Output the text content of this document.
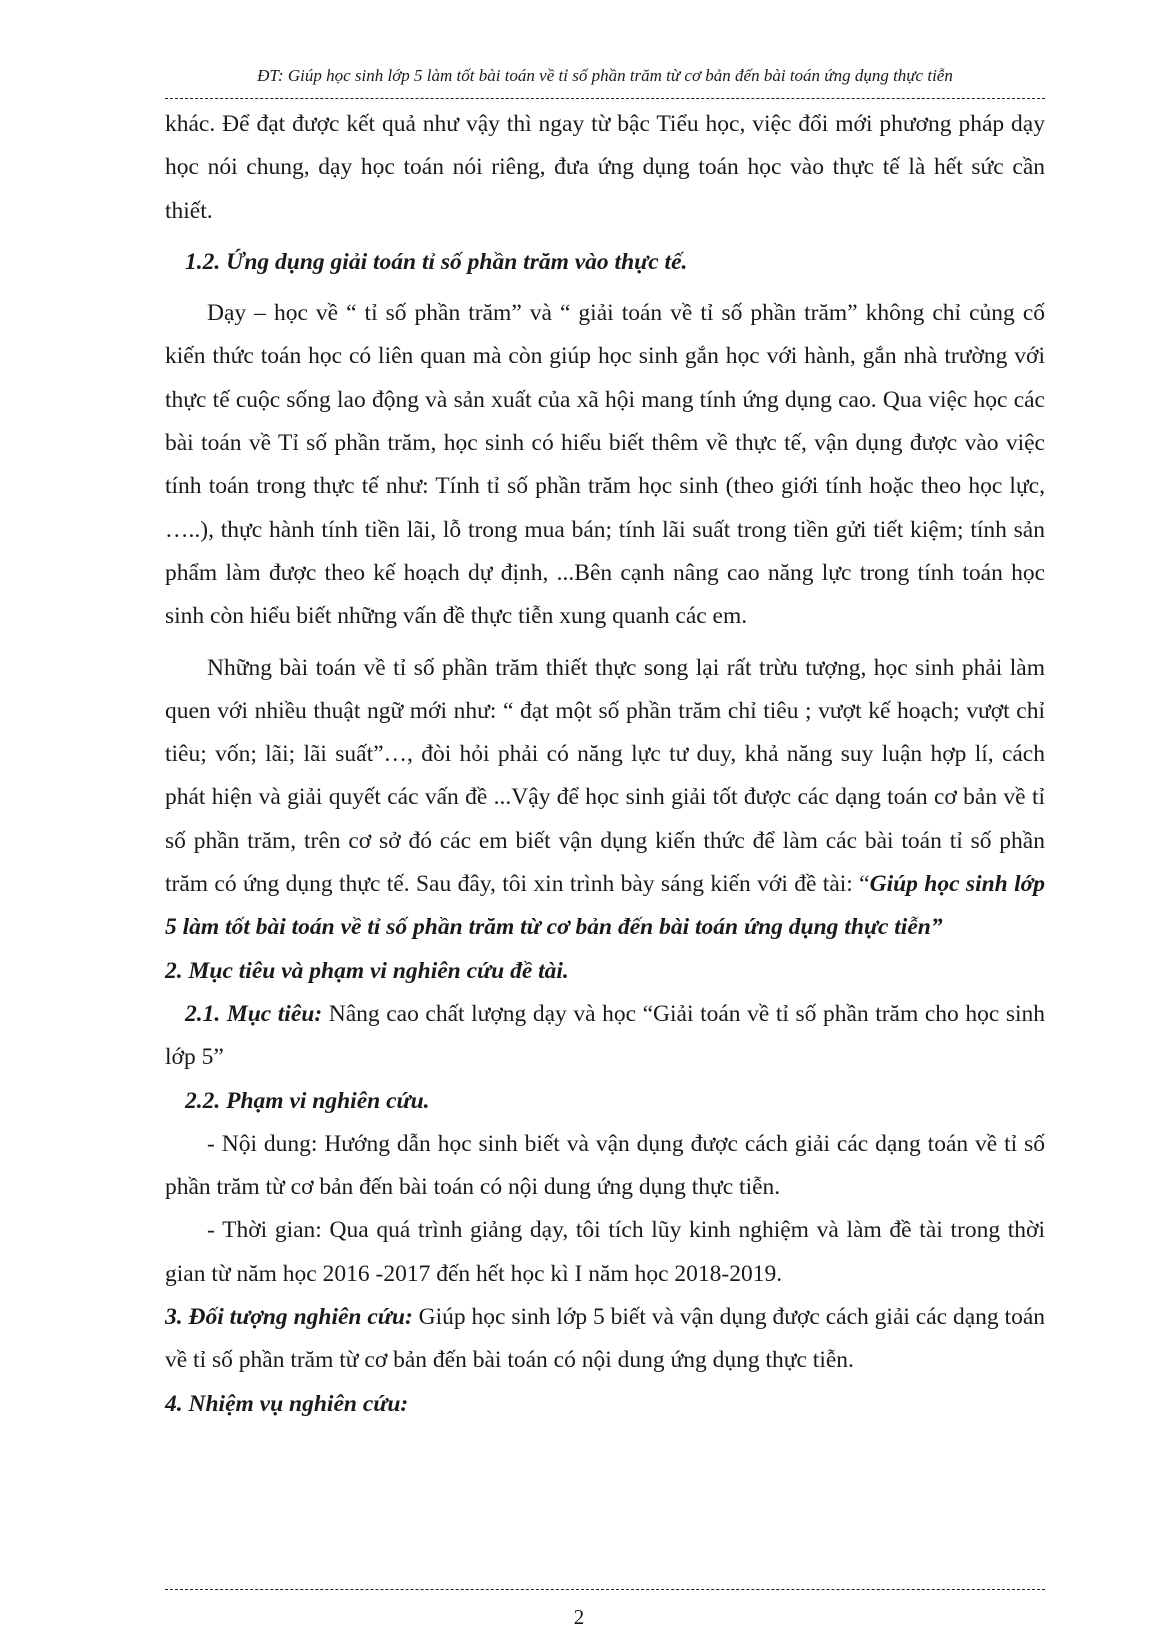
ĐT: Giúp học sinh lớp 5 làm tốt bài toán về tỉ số phần trăm từ cơ bản đến bài toán ứng dụng thực tiễn

khác. Để đạt được kết quả như vậy thì ngay từ bậc Tiểu học, việc đổi mới phương pháp dạy học nói chung, dạy học toán nói riêng, đưa ứng dụng toán học vào thực tế là hết sức cần thiết.

1.2. Ứng dụng giải toán tỉ số phần trăm vào thực tế.

Dạy – học về “ tỉ số phần trăm” và “ giải toán về tỉ số phần trăm” không chỉ củng cố kiến thức toán học có liên quan mà còn giúp học sinh gắn học với hành, gắn nhà trường với thực tế cuộc sống lao động và sản xuất của xã hội mang tính ứng dụng cao. Qua việc học các bài toán về Tỉ số phần trăm, học sinh có hiểu biết thêm về thực tế, vận dụng được vào việc tính toán trong thực tế như: Tính tỉ số phần trăm học sinh (theo giới tính hoặc theo học lực, …..), thực hành tính tiền lãi, lỗ trong mua bán; tính lãi suất trong tiền gửi tiết kiệm; tính sản phẩm làm được theo kế hoạch dự định, ...Bên cạnh nâng cao năng lực trong tính toán học sinh còn hiểu biết những vấn đề thực tiễn xung quanh các em.

Những bài toán về tỉ số phần trăm thiết thực song lại rất trừu tượng, học sinh phải làm quen với nhiều thuật ngữ mới như: “ đạt một số phần trăm chỉ tiêu ; vượt kế hoạch; vượt chỉ tiêu; vốn; lãi; lãi suất”…, đòi hỏi phải có năng lực tư duy, khả năng suy luận hợp lí, cách phát hiện và giải quyết các vấn đề ...Vậy để học sinh giải tốt được các dạng toán cơ bản về tỉ số phần trăm, trên cơ sở đó các em biết vận dụng kiến thức để làm các bài toán tỉ số phần trăm có ứng dụng thực tế. Sau đây, tôi xin trình bày sáng kiến với đề tài: “Giúp học sinh lớp 5 làm tốt bài toán về tỉ số phần trăm từ cơ bản đến bài toán ứng dụng thực tiễn”

2. Mục tiêu và phạm vi nghiên cứu đề tài.

2.1. Mục tiêu: Nâng cao chất lượng dạy và học “Giải toán về tỉ số phần trăm cho học sinh lớp 5”

2.2. Phạm vi nghiên cứu.

- Nội dung: Hướng dẫn học sinh biết và vận dụng được cách giải các dạng toán về tỉ số phần trăm từ cơ bản đến bài toán có nội dung ứng dụng thực tiễn.

- Thời gian: Qua quá trình giảng dạy, tôi tích lũy kinh nghiệm và làm đề tài trong thời gian từ năm học 2016 -2017 đến hết học kì I năm học 2018-2019.

3. Đối tượng nghiên cứu: Giúp học sinh lớp 5 biết và vận dụng được cách giải các dạng toán về tỉ số phần trăm từ cơ bản đến bài toán có nội dung ứng dụng thực tiễn.

4. Nhiệm vụ nghiên cứu:

2
